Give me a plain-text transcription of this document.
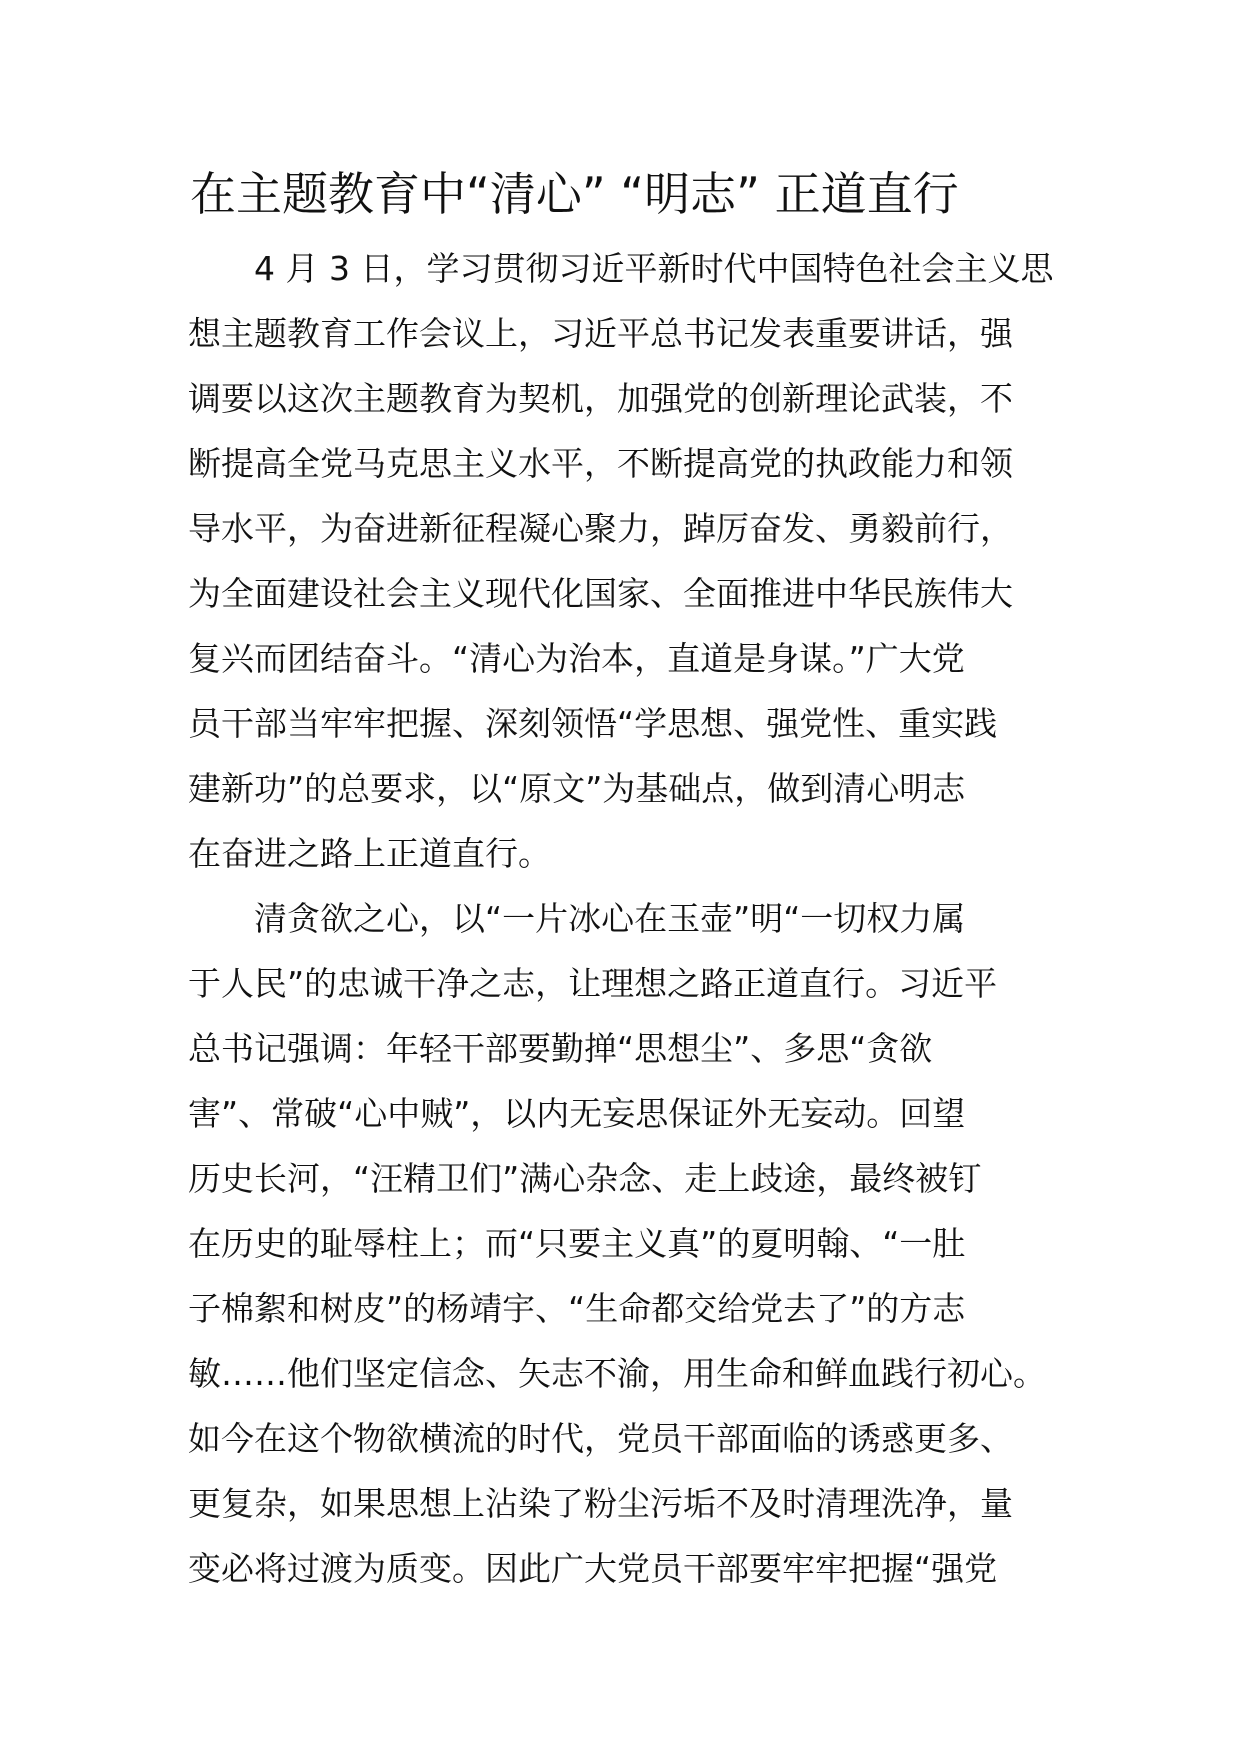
在主题教育中“清心” “明志” 正道直行
4 月 3 日，学习贯彻习近平新时代中国特色社会主义思
想主题教育工作会议上，习近平总书记发表重要讲话，强
调要以这次主题教育为契机，加强党的创新理论武装，不
断提高全党马克思主义水平，不断提高党的执政能力和领
导水平，为奋进新征程凝心聚力，踔厉奋发、勇毅前行，
为全面建设社会主义现代化国家、全面推进中华民族伟大
复兴而团结奋斗。“清心为治本，直道是身谋。”广大党
员干部当牢牢把握、深刻领悟“学思想、强党性、重实践
建新功”的总要求，以“原文”为基础点，做到清心明志
在奋进之路上正道直行。
清贪欲之心，以“一片冰心在玉壶”明“一切权力属
于人民”的忠诚干净之志，让理想之路正道直行。习近平
总书记强调：年轻干部要勤掸“思想尘”、多思“贪欲
害”、常破“心中贼”，以内无妄思保证外无妄动。回望
历史长河，“汪精卫们”满心杂念、走上歧途，最终被钉
在历史的耻辱柱上；而“只要主义真”的夏明翰、“一肚
子棉絮和树皮”的杨靖宇、“生命都交给党去了”的方志
敏……他们坚定信念、矢志不渝，用生命和鲜血践行初心。
如今在这个物欲横流的时代，党员干部面临的诱惑更多、
更复杂，如果思想上沾染了粉尘污垢不及时清理洗净，量
变必将过渡为质变。因此广大党员干部要牢牢把握“强党
